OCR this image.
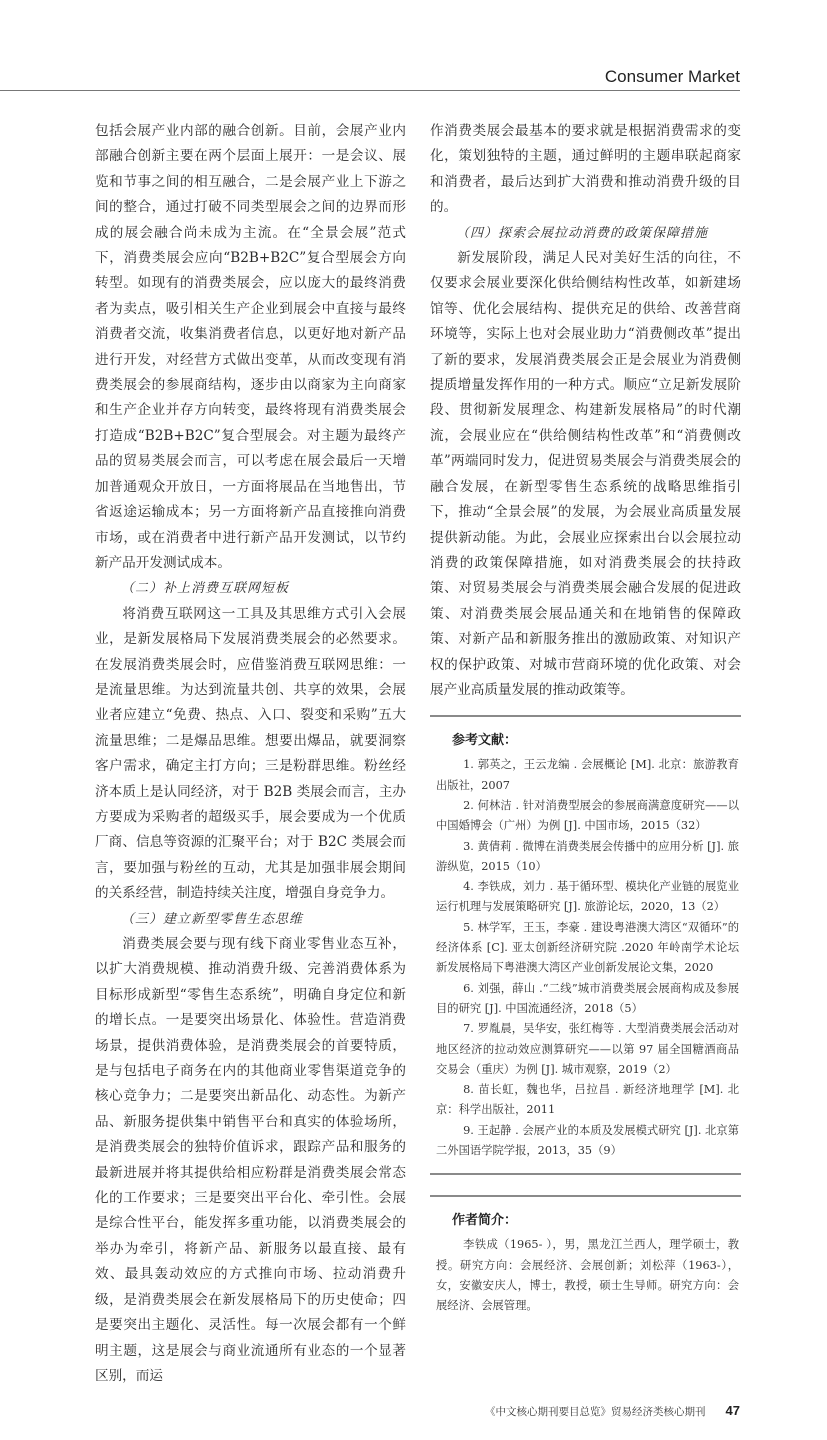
Consumer Market

包括会展产业内部的融合创新。目前，会展产业内部融合创新主要在两个层面上展开：一是会议、展览和节事之间的相互融合，二是会展产业上下游之间的整合，通过打破不同类型展会之间的边界而形成的展会融合尚未成为主流。在“全景会展”范式下，消费类展会应向“B2B+B2C”复合型展会方向转型。如现有的消费类展会，应以庞大的最终消费者为卖点，吸引相关生产企业到展会中直接与最终消费者交流，收集消费者信息，以更好地对新产品进行开发，对经营方式做出变革，从而改变现有消费类展会的参展商结构，逐步由以商家为主向商家和生产企业并存方向转变，最终将现有消费类展会打造成“B2B+B2C”复合型展会。对主题为最终产品的贸易类展会而言，可以考虑在展会最后一天增加普通观众开放日，一方面将展品在当地售出，节省返途运输成本；另一方面将新产品直接推向消费市场，或在消费者中进行新产品开发测试，以节约新产品开发测试成本。

（二）补上消费互联网短板

将消费互联网这一工具及其思维方式引入会展业，是新发展格局下发展消费类展会的必然要求。在发展消费类展会时，应借鉴消费互联网思维：一是流量思维。为达到流量共创、共享的效果，会展业者应建立“免费、热点、入口、裂变和采购”五大流量思维；二是爆品思维。想要出爆品，就要洞察客户需求，确定主打方向；三是粉群思维。粉丝经济本质上是认同经济，对于 B2B 类展会而言，主办方要成为采购者的超级买手，展会要成为一个优质厂商、信息等资源的汇聚平台；对于 B2C 类展会而言，要加强与粉丝的互动，尤其是加强非展会期间的关系经营，制造持续关注度，增强自身竞争力。

（三）建立新型零售生态思维

消费类展会要与现有线下商业零售业态互补，以扩大消费规模、推动消费升级、完善消费体系为目标形成新型“零售生态系统”，明确自身定位和新的增长点。一是要突出场景化、体验性。营造消费场景，提供消费体验，是消费类展会的首要特质，是与包括电子商务在内的其他商业零售渠道竞争的核心竞争力；二是要突出新品化、动态性。为新产品、新服务提供集中销售平台和真实的体验场所，是消费类展会的独特价值诉求，跟踪产品和服务的最新进展并将其提供给相应粉群是消费类展会常态化的工作要求；三是要突出平台化、牵引性。会展是综合性平台，能发挥多重功能，以消费类展会的举办为牵引，将新产品、新服务以最直接、最有效、最具轰动效应的方式推向市场、拉动消费升级，是消费类展会在新发展格局下的历史使命；四是要突出主题化、灵活性。每一次展会都有一个鲜明主题，这是展会与商业流通所有业态的一个显著区别，而运

作消费类展会最基本的要求就是根据消费需求的变化，策划独特的主题，通过鲜明的主题串联起商家和消费者，最后达到扩大消费和推动消费升级的目的。

（四）探索会展拉动消费的政策保障措施

新发展阶段，满足人民对美好生活的向往，不仅要求会展业要深化供给侧结构性改革，如新建场馆等、优化会展结构、提供充足的供给、改善营商环境等，实际上也对会展业助力“消费侧改革”提出了新的要求，发展消费类展会正是会展业为消费侧提质增量发挥作用的一种方式。顺应“立足新发展阶段、贯彻新发展理念、构建新发展格局”的时代潮流，会展业应在“供给侧结构性改革”和“消费侧改革”两端同时发力，促进贸易类展会与消费类展会的融合发展，在新型零售生态系统的战略思维指引下，推动“全景会展”的发展，为会展业高质量发展提供新动能。为此，会展业应探索出台以会展拉动消费的政策保障措施，如对消费类展会的扶持政策、对贸易类展会与消费类展会融合发展的促进政策、对消费类展会展品通关和在地销售的保障政策、对新产品和新服务推出的激励政策、对知识产权的保护政策、对城市营商环境的优化政策、对会展产业高质量发展的推动政策等。

参考文献：

1. 郭英之，王云龙编 . 会展概论 [M]. 北京：旅游教育出版社，2007

2. 何林洁 . 针对消费型展会的参展商满意度研究——以中国婚博会（广州）为例 [J]. 中国市场，2015（32）

3. 黄倩莉 . 微博在消费类展会传播中的应用分析 [J]. 旅游纵览，2015（10）

4. 李铁成，刘力 . 基于循环型、模块化产业链的展览业运行机理与发展策略研究 [J]. 旅游论坛，2020，13（2）

5. 林学军，王玉，李豪 . 建设粤港澳大湾区“双循环”的经济体系 [C]. 亚太创新经济研究院 .2020 年岭南学术论坛新发展格局下粤港澳大湾区产业创新发展论文集，2020

6. 刘强，薛山 .“二线”城市消费类展会展商构成及参展目的研究 [J]. 中国流通经济，2018（5）

7. 罗胤晨，吴华安，张红梅等 . 大型消费类展会活动对地区经济的拉动效应测算研究——以第 97 届全国糖酒商品交易会（重庆）为例 [J]. 城市观察，2019（2）

8. 苗长虹，魏也华，吕拉昌 . 新经济地理学 [M]. 北京：科学出版社，2011

9. 王起静 . 会展产业的本质及发展模式研究 [J]. 北京第二外国语学院学报，2013，35（9）

作者简介：

李铁成（1965- ），男，黑龙江兰西人，理学硕士，教授。研究方向：会展经济、会展创新；刘松萍（1963-），女，安徽安庆人，博士，教授，硕士生导师。研究方向：会展经济、会展管理。

《中文核心期刊要目总览》贸易经济类核心期刊 47
